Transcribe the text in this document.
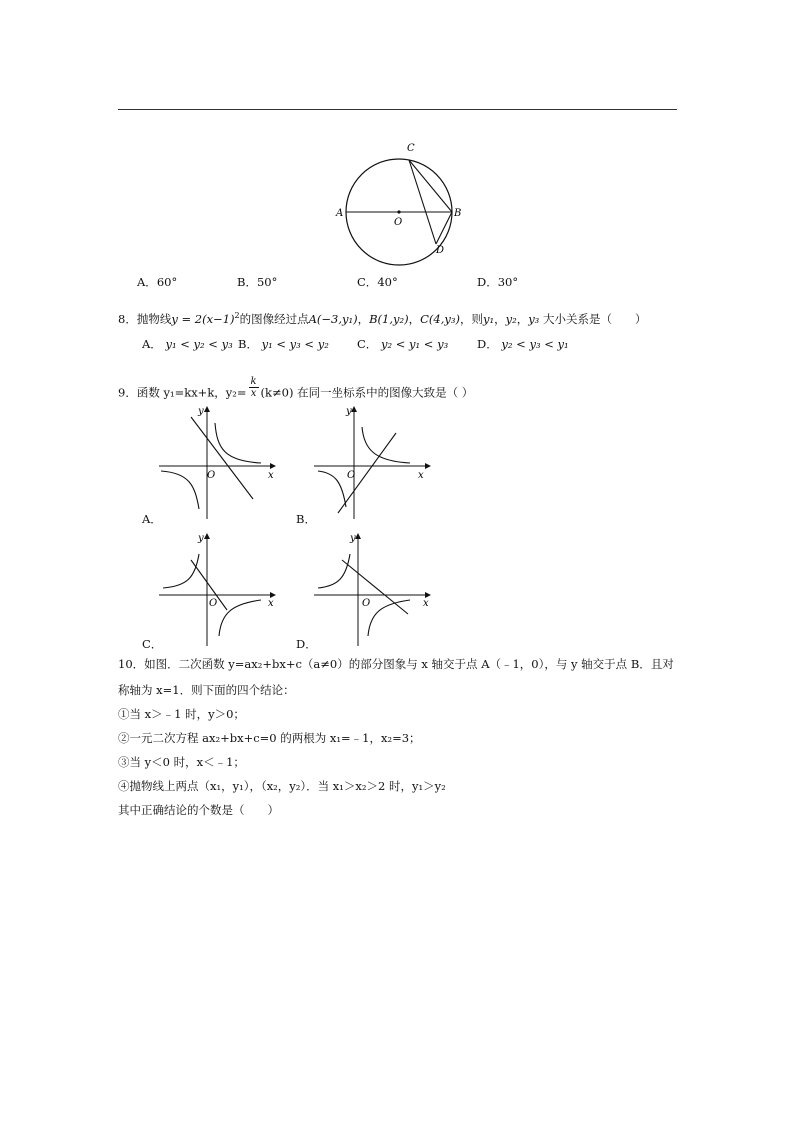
A
O
B
C
D
A．60°	B．50°	C．40°	D．30°
8．抛物线$y = 2(x-1)^2$的图像经过点A(−3,y₁)，B(1,y₂)，C(4,y₃)，则y₁，y₂，y₃ 大小关系是（　　）
A． y₁ < y₂ < y₃ B． y₁ < y₃ < y₂ C． y₂ < y₁ < y₃	D． y₂ < y₃ < y₁
9．函数 y₁=kx+k，$y_2= \frac{k}{x} (k\ne 0)$ 在同一坐标系中的图像大致是（ ）
x
y
O
A．
x
y
O
B．
x
y
O
C．
x
y
O
D．
10．如图．二次函数 y=ax₂+bx+c（a≠0）的部分图象与 x 轴交于点 A（﹣1，0），与 y 轴交于点 B．且对
称轴为 x=1．则下面的四个结论：
①当 x＞﹣1 时，y＞0；
②一元二次方程 ax₂+bx+c=0 的两根为 x₁=﹣1，x₂=3；
③当 y＜0 时，x＜﹣1；
④抛物线上两点（x₁，y₁），（x₂，y₂）．当 x₁＞x₂＞2 时，y₁＞y₂
其中正确结论的个数是（　　）
